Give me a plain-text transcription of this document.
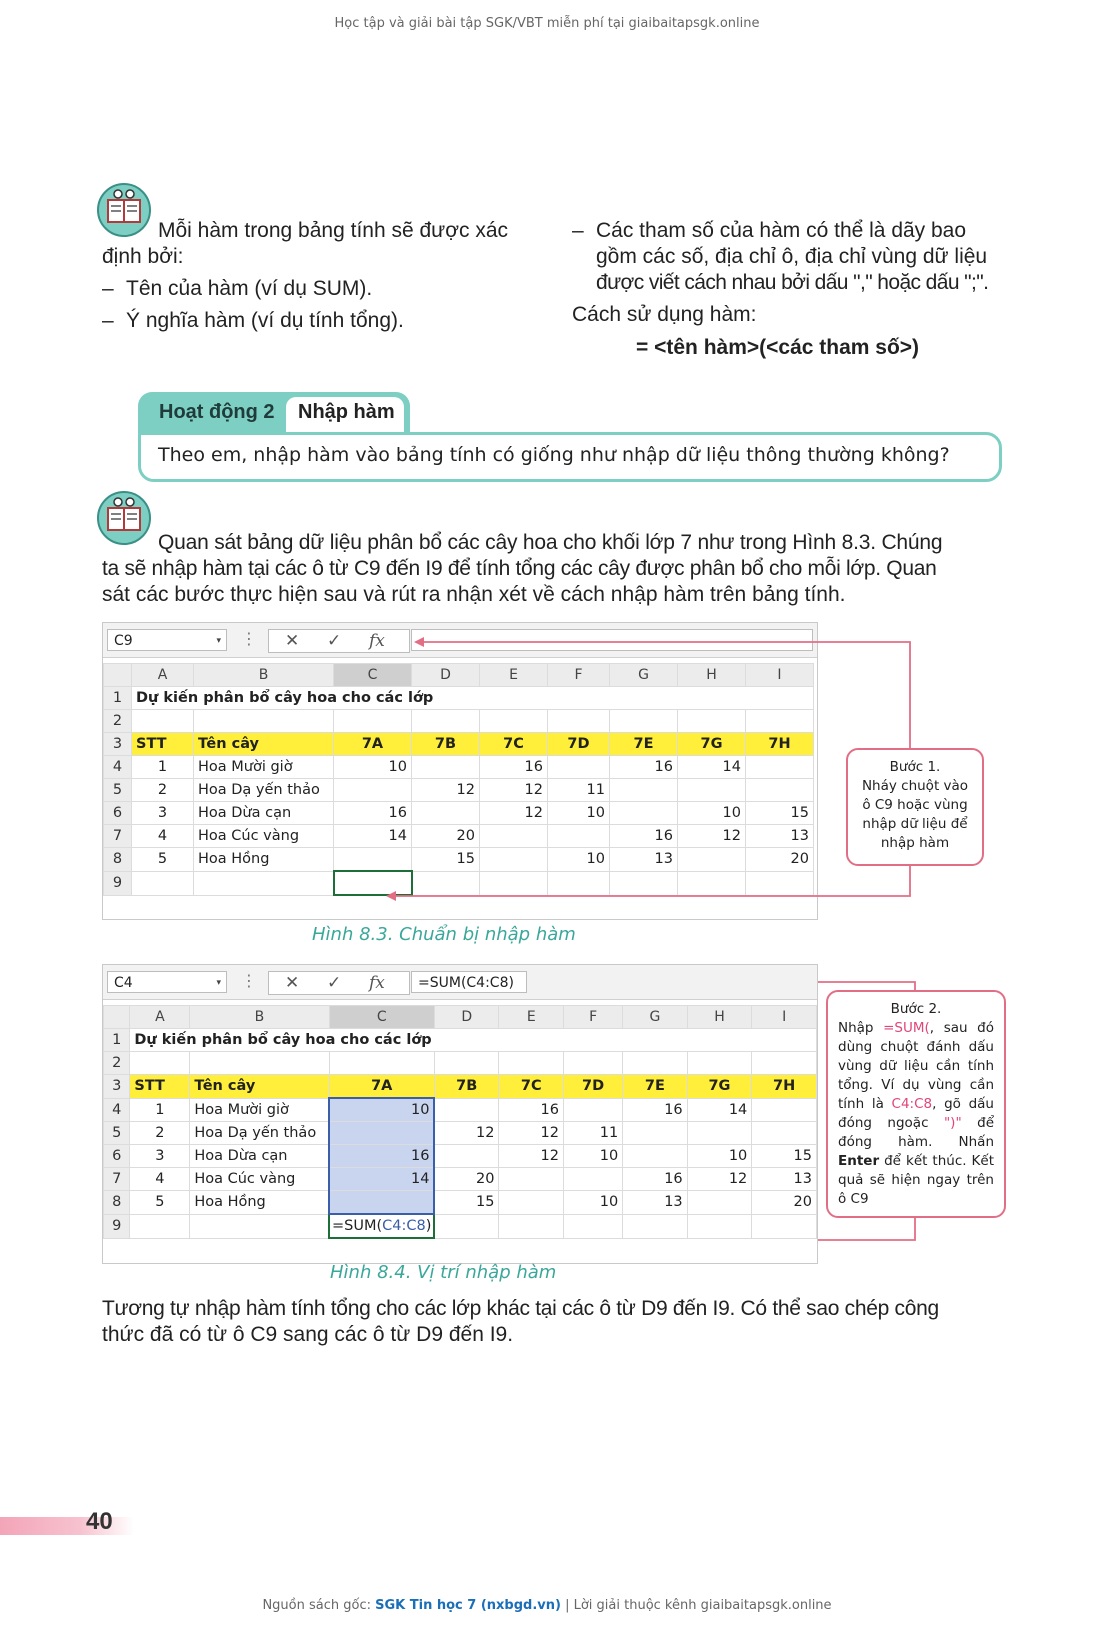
Học tập và giải bài tập SGK/VBT miễn phí tại giaibaitapsgk.online
Mỗi hàm trong bảng tính sẽ được xác
định bởi:
– Tên của hàm (ví dụ SUM).
– Ý nghĩa hàm (ví dụ tính tổng).
– Các tham số của hàm có thể là dãy bao

gồm các số, địa chỉ ô, địa chỉ vùng dữ liệu

được viết cách nhau bởi dấu "," hoặc dấu ";".

Cách sử dụng hàm:
= <tên hàm>(<các tham số>)
Hoạt động 2 Nhập hàm
Theo em, nhập hàm vào bảng tính có giống như nhập dữ liệu thông thường không?
Quan sát bảng dữ liệu phân bổ các cây hoa cho khối lớp 7 như trong Hình 8.3. Chúng
ta sẽ nhập hàm tại các ô từ C9 đến I9 để tính tổng các cây được phân bổ cho mỗi lớp. Quan
sát các bước thực hiện sau và rút ra nhận xét về cách nhập hàm trên bảng tính.
C9	▾ ⋮ ✕ ✓ fx
	A	B	C	D	E	F	G	H	I
1	Dự kiến phân bổ cây hoa cho các lớp								
2									
3	STT	Tên cây	7A	7B	7C	7D	7E	7G	7H
4	1	Hoa Mười giờ	10		16		16	14	
5	2	Hoa Dạ yến thảo		12	12	11			
6	3	Hoa Dừa cạn	16		12	10		10	15
7	4	Hoa Cúc vàng	14	20			16	12	13
8	5	Hoa Hồng		15		10	13		20
9									
Hình 8.3. Chuẩn bị nhập hàm
Bước 1.
Nháy chuột vào
ô C9 hoặc vùng
nhập dữ liệu để
nhập hàm
C4	▾ ⋮ ✕ ✓ fx	=SUM(C4:C8)
	A	B	C	D	E	F	G	H	I
1	Dự kiến phân bổ cây hoa cho các lớp								
2									
3	STT	Tên cây	7A	7B	7C	7D	7E	7G	7H
4	1	Hoa Mười giờ	10		16		16	14	
5	2	Hoa Dạ yến thảo		12	12	11			
6	3	Hoa Dừa cạn	16		12	10		10	15
7	4	Hoa Cúc vàng	14	20			16	12	13
8	5	Hoa Hồng		15		10	13		20
9			=SUM(C4:C8)						
Hình 8.4. Vị trí nhập hàm
Bước 2.
Nhập =SUM(, sau đó dùng chuột đánh dấu vùng dữ liệu cần tính tổng. Ví dụ vùng cần tính là C4:C8, gõ dấu đóng ngoặc ")" để đóng hàm. Nhấn Enter để kết thúc. Kết quả sẽ hiện ngay trên ô C9
Tương tự nhập hàm tính tổng cho các lớp khác tại các ô từ D9 đến I9. Có thể sao chép công
thức đã có từ ô C9 sang các ô từ D9 đến I9.
40
Nguồn sách gốc: SGK Tin học 7 (nxbgd.vn) | Lời giải thuộc kênh giaibaitapsgk.online
